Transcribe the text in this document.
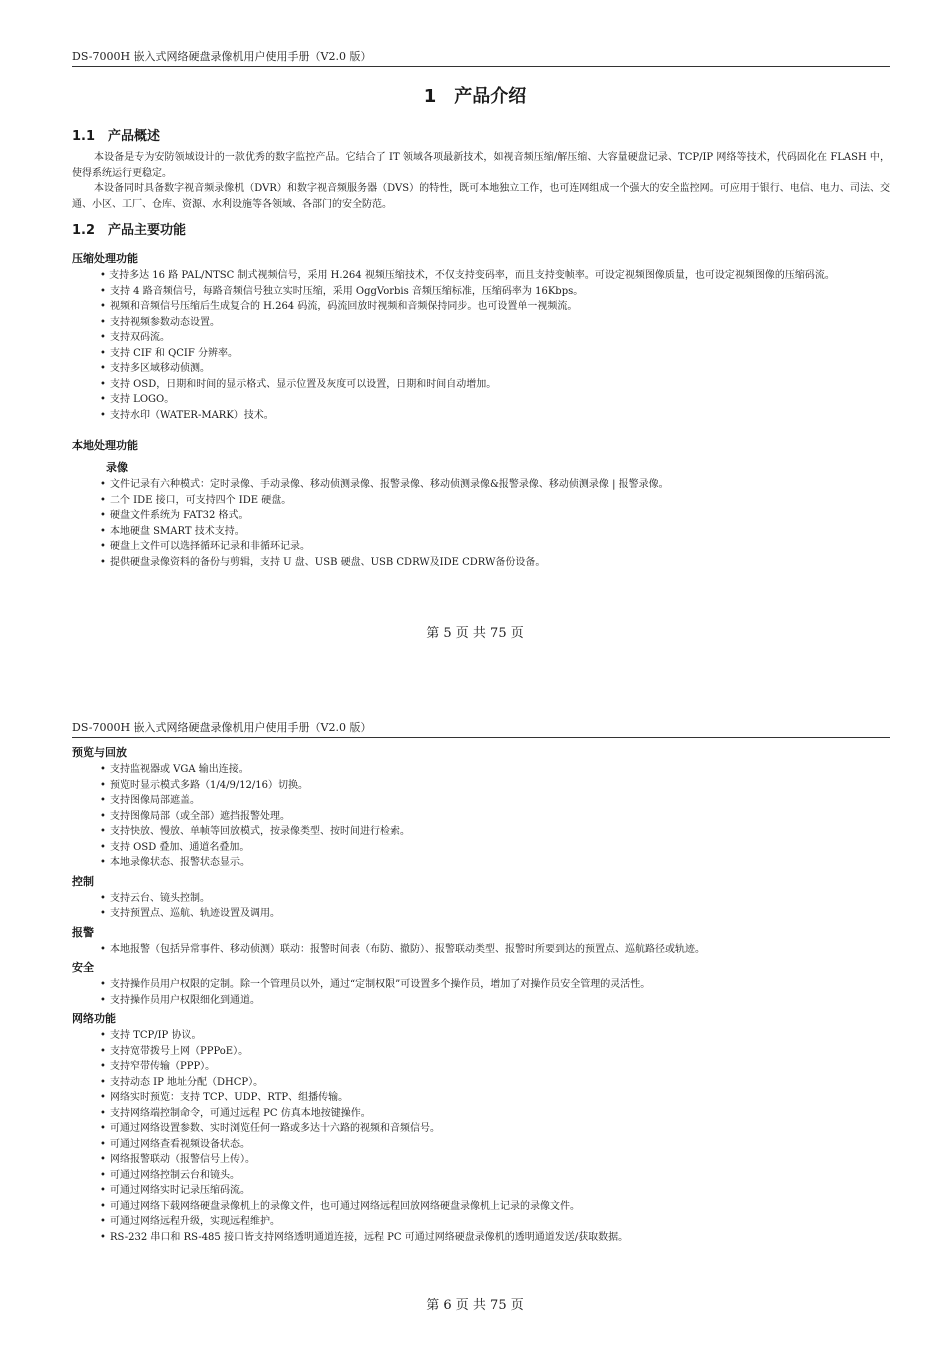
DS-7000H 嵌入式网络硬盘录像机用户使用手册（V2.0 版）
1　产品介绍
1.1　产品概述

本设备是专为安防领域设计的一款优秀的数字监控产品。它结合了 IT 领域各项最新技术，如视音频压缩/解压缩、大容量硬盘记录、TCP/IP 网络等技术，代码固化在 FLASH 中，使得系统运行更稳定。

本设备同时具备数字视音频录像机（DVR）和数字视音频服务器（DVS）的特性，既可本地独立工作，也可连网组成一个强大的安全监控网。可应用于银行、电信、电力、司法、交通、小区、工厂、仓库、资源、水利设施等各领域、各部门的安全防范。

1.2　产品主要功能
压缩处理功能
• 支持多达 16 路 PAL/NTSC 制式视频信号，采用 H.264 视频压缩技术，不仅支持变码率，而且支持变帧率。可设定视频图像质量，也可设定视频图像的压缩码流。
• 支持 4 路音频信号，每路音频信号独立实时压缩，采用 OggVorbis 音频压缩标准，压缩码率为 16Kbps。
• 视频和音频信号压缩后生成复合的 H.264 码流，码流回放时视频和音频保持同步。也可设置单一视频流。
• 支持视频参数动态设置。
• 支持双码流。
• 支持 CIF 和 QCIF 分辨率。
• 支持多区域移动侦测。
• 支持 OSD，日期和时间的显示格式、显示位置及灰度可以设置，日期和时间自动增加。
• 支持 LOGO。
• 支持水印（WATER-MARK）技术。
本地处理功能
录像
• 文件记录有六种模式：定时录像、手动录像、移动侦测录像、报警录像、移动侦测录像&报警录像、移动侦测录像 | 报警录像。
• 二个 IDE 接口，可支持四个 IDE 硬盘。
• 硬盘文件系统为 FAT32 格式。
• 本地硬盘 SMART 技术支持。
• 硬盘上文件可以选择循环记录和非循环记录。
• 提供硬盘录像资料的备份与剪辑，支持 U 盘、USB 硬盘、USB CDRW及IDE CDRW备份设备。
第 5 页 共 75 页
DS-7000H 嵌入式网络硬盘录像机用户使用手册（V2.0 版）
预览与回放
• 支持监视器或 VGA 输出连接。
• 预览时显示模式多路（1/4/9/12/16）切换。
• 支持图像局部遮盖。
• 支持图像局部（或全部）遮挡报警处理。
• 支持快放、慢放、单帧等回放模式，按录像类型、按时间进行检索。
• 支持 OSD 叠加、通道名叠加。
• 本地录像状态、报警状态显示。
控制
• 支持云台、镜头控制。
• 支持预置点、巡航、轨迹设置及调用。
报警
• 本地报警（包括异常事件、移动侦测）联动：报警时间表（布防、撤防）、报警联动类型、报警时所要到达的预置点、巡航路径或轨迹。
安全
• 支持操作员用户权限的定制。除一个管理员以外，通过“定制权限”可设置多个操作员，增加了对操作员安全管理的灵活性。
• 支持操作员用户权限细化到通道。
网络功能
• 支持 TCP/IP 协议。
• 支持宽带拨号上网（PPPoE）。
• 支持窄带传输（PPP）。
• 支持动态 IP 地址分配（DHCP）。
• 网络实时预览：支持 TCP、UDP、RTP、组播传输。
• 支持网络端控制命令，可通过远程 PC 仿真本地按键操作。
• 可通过网络设置参数、实时浏览任何一路或多达十六路的视频和音频信号。
• 可通过网络查看视频设备状态。
• 网络报警联动（报警信号上传）。
• 可通过网络控制云台和镜头。
• 可通过网络实时记录压缩码流。
• 可通过网络下载网络硬盘录像机上的录像文件，也可通过网络远程回放网络硬盘录像机上记录的录像文件。
• 可通过网络远程升级，实现远程维护。
• RS-232 串口和 RS-485 接口皆支持网络透明通道连接，远程 PC 可通过网络硬盘录像机的透明通道发送/获取数据。
第 6 页 共 75 页
